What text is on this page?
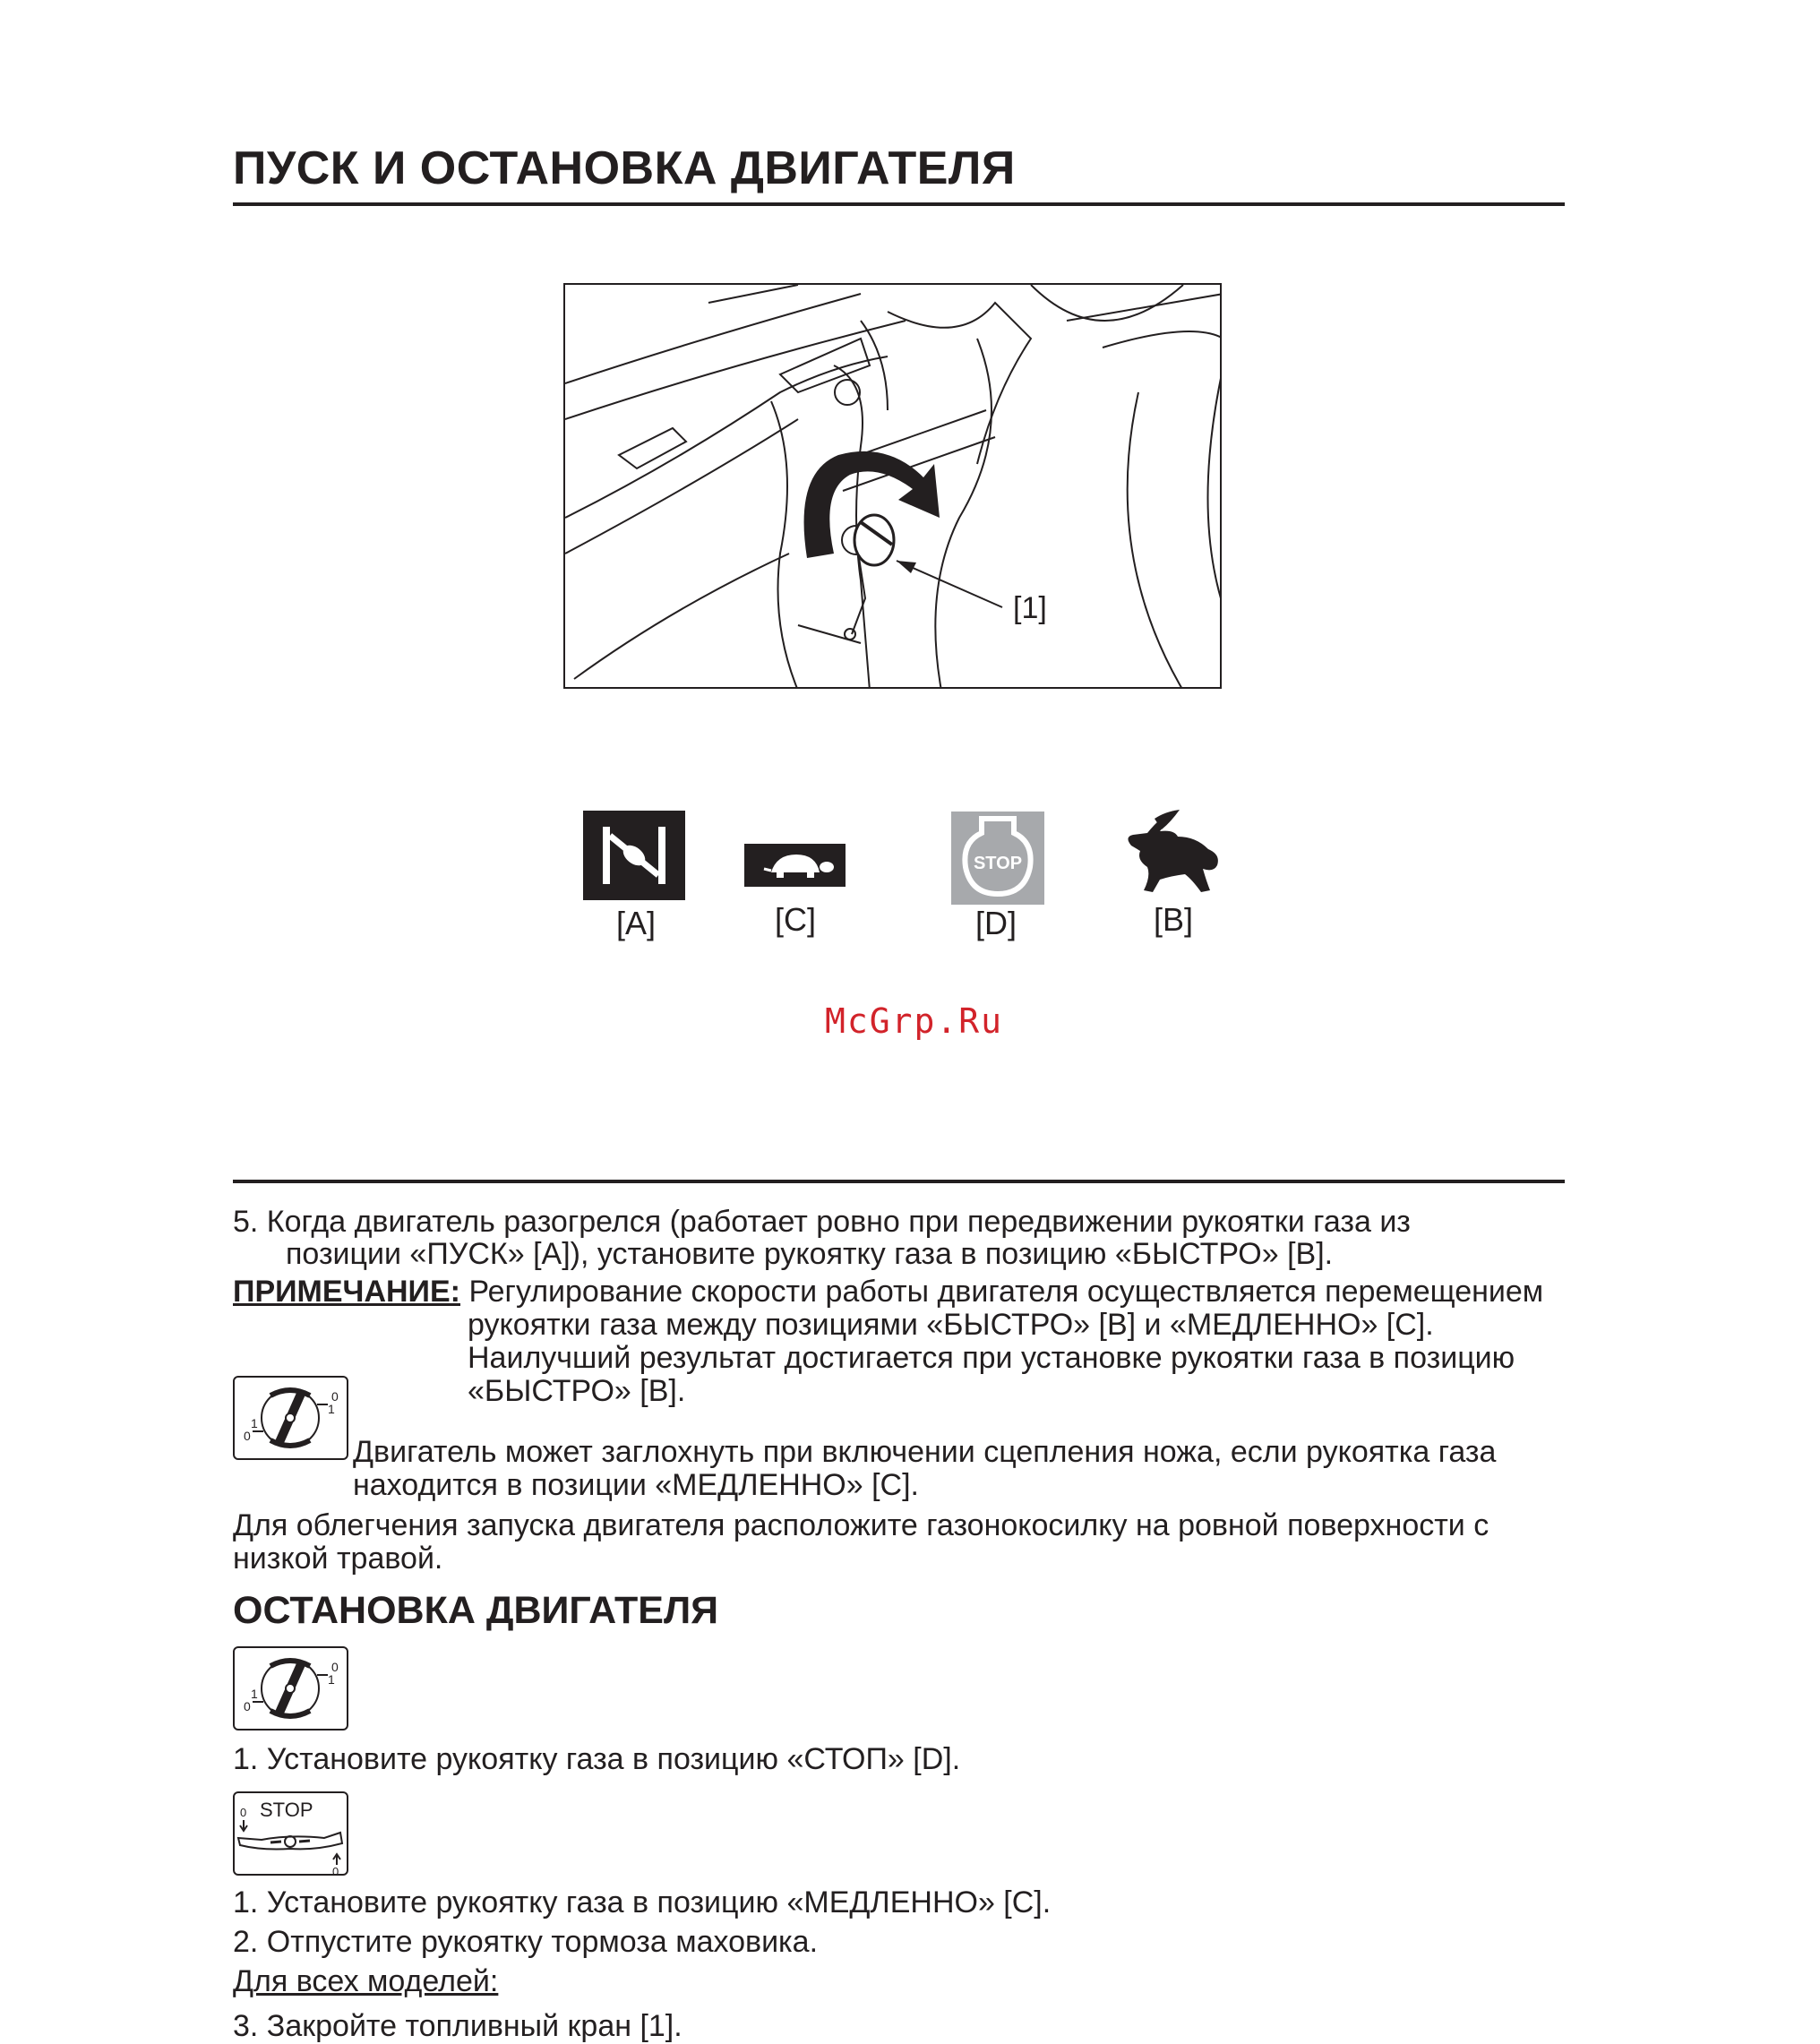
ПУСК И ОСТАНОВКА ДВИГАТЕЛЯ
[1]
[A]	[C]
STOP
[D]	[B]
McGrp.Ru
5. Когда двигатель разогрелся (работает ровно при передвижении рукоятки газа из
позиции «ПУСК» [A]), установите рукоятку газа в позицию «БЫСТРО» [B].
ПРИМЕЧАНИЕ: Регулирование скорости работы двигателя осуществляется перемещением
рукоятки газа между позициями «БЫСТРО» [B] и «МЕДЛЕННО» [C].
Наилучший результат достигается при установке рукоятки газа в позицию
«БЫСТРО» [B].
0
1
1
0	Двигатель может заглохнуть при включении сцепления ножа, если рукоятка газа
находится в позиции «МЕДЛЕННО» [C].
Для облегчения запуска двигателя расположите газонокосилку на ровной поверхности с
низкой травой.
ОСТАНОВКА ДВИГАТЕЛЯ
0
1
1
0
1. Установите рукоятку газа в позицию «СТОП» [D].
STOP
0
0
1. Установите рукоятку газа в позицию «МЕДЛЕННО» [C].
2. Отпустите рукоятку тормоза маховика.
Для всех моделей:
3. Закройте топливный кран [1].
